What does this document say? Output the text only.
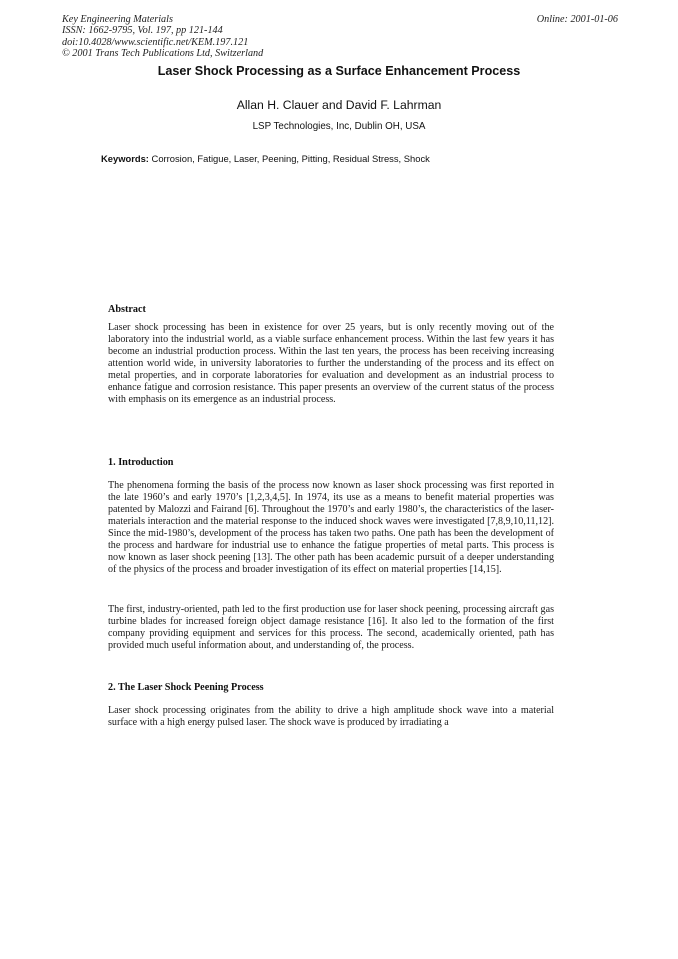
Key Engineering Materials
ISSN: 1662-9795, Vol. 197, pp 121-144
doi:10.4028/www.scientific.net/KEM.197.121
© 2001 Trans Tech Publications Ltd, Switzerland
Online: 2001-01-06
Laser Shock Processing as a Surface Enhancement Process
Allan H. Clauer and David F. Lahrman
LSP Technologies, Inc, Dublin OH, USA
Keywords: Corrosion, Fatigue, Laser, Peening, Pitting, Residual Stress, Shock
Abstract
Laser shock processing has been in existence for over 25 years, but is only recently moving out of the laboratory into the industrial world, as a viable surface enhancement process. Within the last few years it has become an industrial production process. Within the last ten years, the process has been receiving increasing attention world wide, in university laboratories to further the understanding of the process and its effect on metal properties, and in corporate laboratories for evaluation and development as an industrial process to enhance fatigue and corrosion resistance. This paper presents an overview of the current status of the process with emphasis on its emergence as an industrial process.
1. Introduction
The phenomena forming the basis of the process now known as laser shock processing was first reported in the late 1960’s and early 1970’s [1,2,3,4,5]. In 1974, its use as a means to benefit material properties was patented by Malozzi and Fairand [6]. Throughout the 1970’s and early 1980’s, the characteristics of the laser-materials interaction and the material response to the induced shock waves were investigated [7,8,9,10,11,12]. Since the mid-1980’s, development of the process has taken two paths. One path has been the development of the process and hardware for industrial use to enhance the fatigue properties of metal parts. This process is now known as laser shock peening [13]. The other path has been academic pursuit of a deeper understanding of the physics of the process and broader investigation of its effect on material properties [14,15].
The first, industry-oriented, path led to the first production use for laser shock peening, processing aircraft gas turbine blades for increased foreign object damage resistance [16]. It also led to the formation of the first company providing equipment and services for this process. The second, academically oriented, path has provided much useful information about, and understanding of, the process.
2. The Laser Shock Peening Process
Laser shock processing originates from the ability to drive a high amplitude shock wave into a material surface with a high energy pulsed laser. The shock wave is produced by irradiating a
